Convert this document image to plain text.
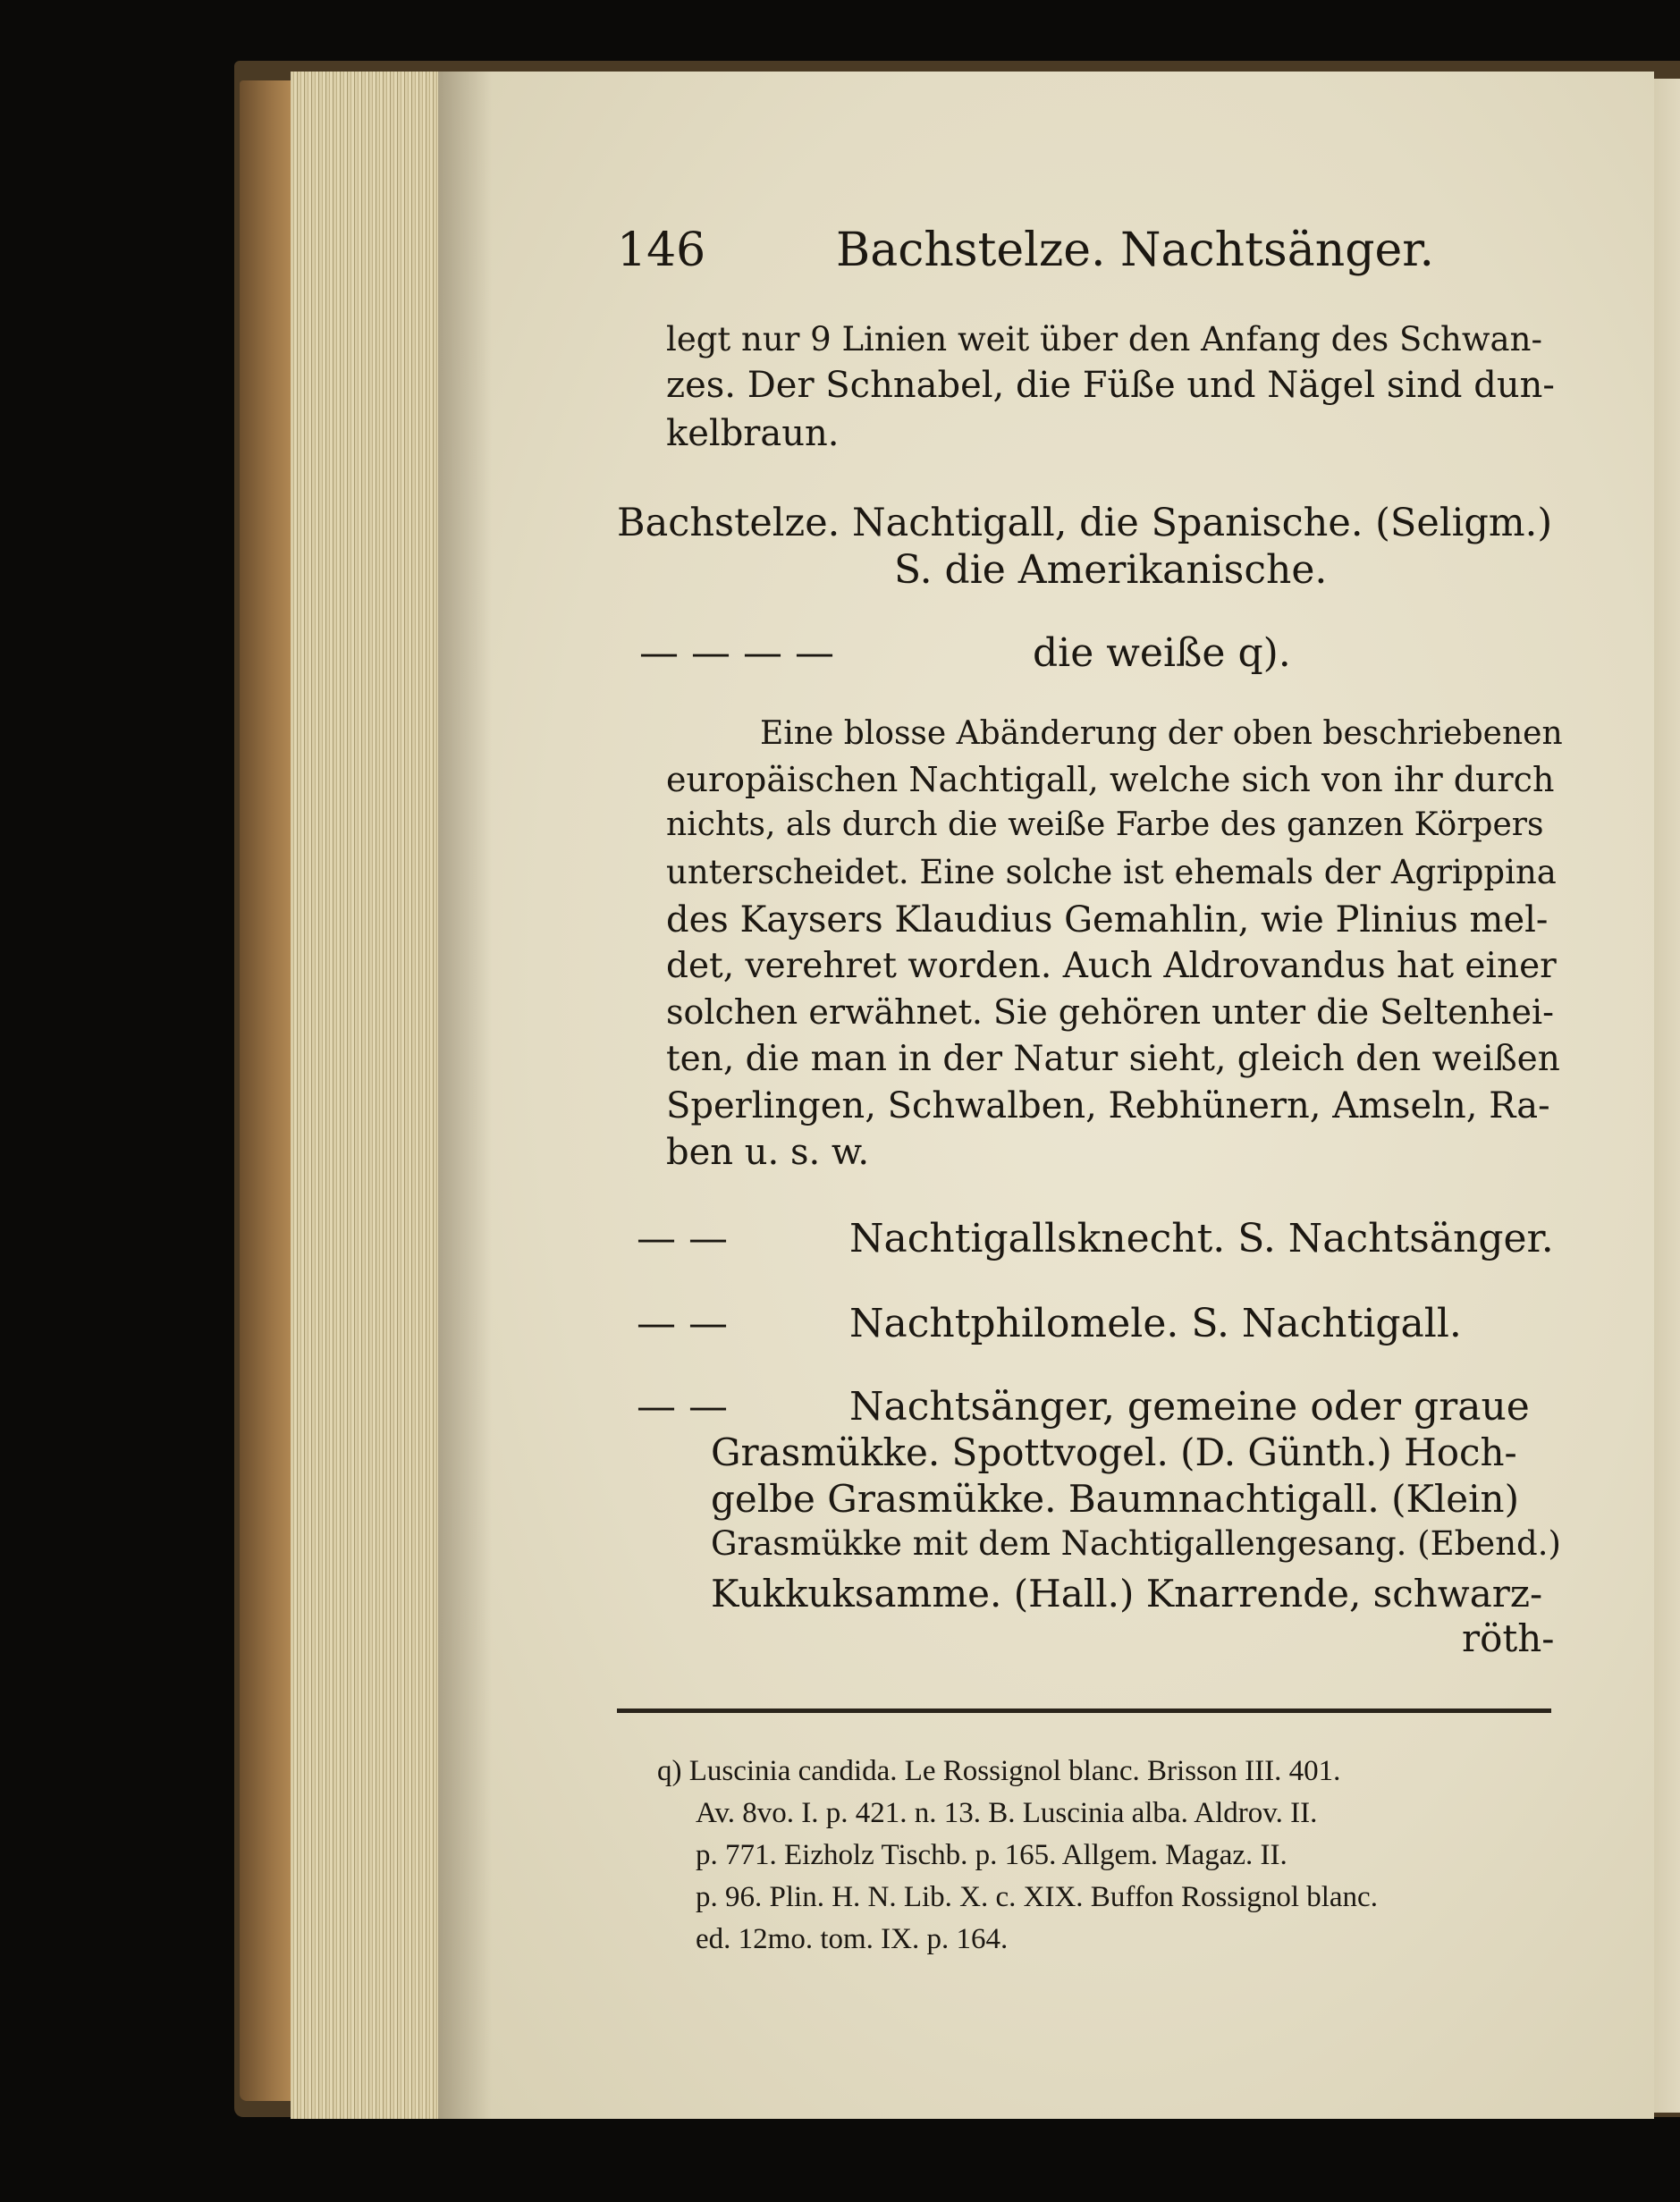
146	Bachstelze. Nachtsänger.
legt nur 9 Linien weit über den Anfang des Schwan-
zes. Der Schnabel, die Füße und Nägel sind dun-
kelbraun.
Bachstelze. Nachtigall, die Spanische. (Seligm.)
S. die Amerikanische.
— — — —	die weiße q).
Eine blosse Abänderung der oben beschriebenen
europäischen Nachtigall, welche sich von ihr durch
nichts, als durch die weiße Farbe des ganzen Körpers
unterscheidet. Eine solche ist ehemals der Agrippina
des Kaysers Klaudius Gemahlin, wie Plinius mel-
det, verehret worden. Auch Aldrovandus hat einer
solchen erwähnet. Sie gehören unter die Seltenhei-
ten, die man in der Natur sieht, gleich den weißen
Sperlingen, Schwalben, Rebhünern, Amseln, Ra-
ben u. s. w.
— —	Nachtigallsknecht. S. Nachtsänger.
— —	Nachtphilomele. S. Nachtigall.
— —	Nachtsänger, gemeine oder graue
Grasmükke. Spottvogel. (D. Günth.) Hoch-
gelbe Grasmükke. Baumnachtigall. (Klein)
Grasmükke mit dem Nachtigallengesang. (Ebend.)
Kukkuksamme. (Hall.) Knarrende, schwarz-
röth-
q) Luscinia candida. Le Rossignol blanc. Brisson III. 401.
Av. 8vo. I. p. 421. n. 13. B. Luscinia alba. Aldrov. II.
p. 771. Eizholz Tischb. p. 165. Allgem. Magaz. II.
p. 96. Plin. H. N. Lib. X. c. XIX. Buffon Rossignol blanc.
ed. 12mo. tom. IX. p. 164.
